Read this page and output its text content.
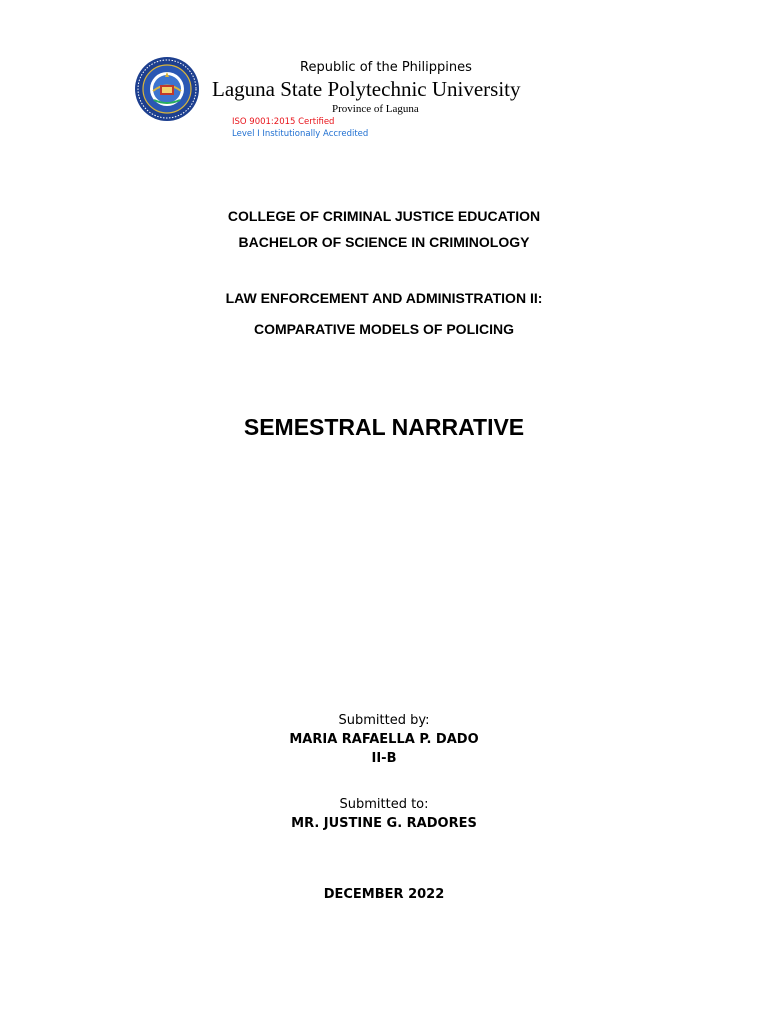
Republic of the Philippines
Laguna State Polytechnic University
Province of Laguna
ISO 9001:2015 Certified
Level I Institutionally Accredited
COLLEGE OF CRIMINAL JUSTICE EDUCATION
BACHELOR OF SCIENCE IN CRIMINOLOGY
LAW ENFORCEMENT AND ADMINISTRATION II:
COMPARATIVE MODELS OF POLICING
SEMESTRAL NARRATIVE
Submitted by:
MARIA RAFAELLA P. DADO
II-B
Submitted to:
MR. JUSTINE G. RADORES
DECEMBER 2022
